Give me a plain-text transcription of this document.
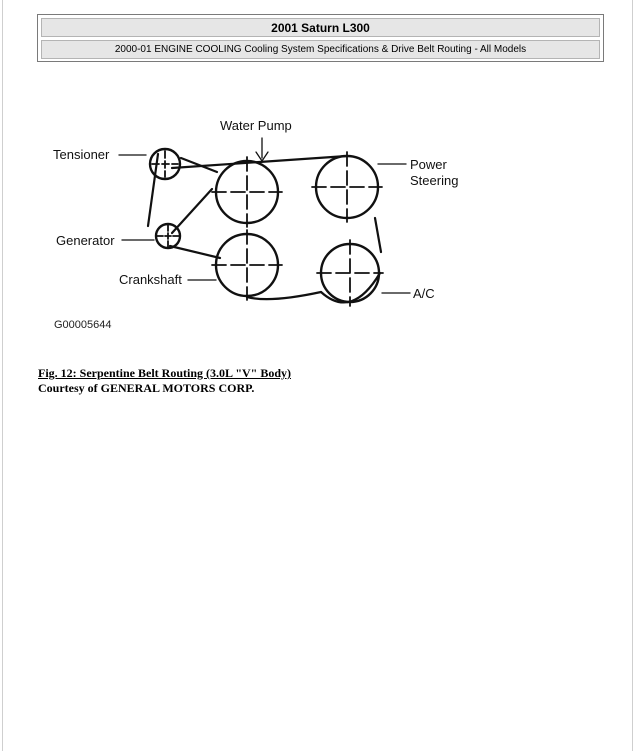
2001 Saturn L300
2000-01 ENGINE COOLING Cooling System Specifications & Drive Belt Routing - All Models
Water Pump
Tensioner
Power
Steering
Generator
Crankshaft
A/C
G00005644
Fig. 12: Serpentine Belt Routing (3.0L "V" Body)
Courtesy of GENERAL MOTORS CORP.
